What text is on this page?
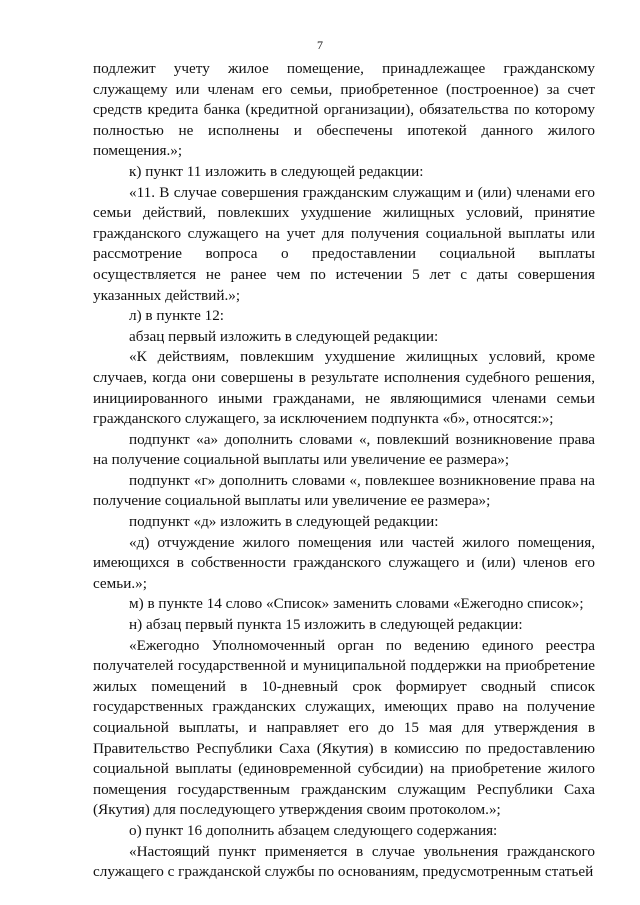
7

подлежит учету жилое помещение, принадлежащее гражданскому служащему или членам его семьи, приобретенное (построенное) за счет средств кредита банка (кредитной организации), обязательства по которому полностью не исполнены и обеспечены ипотекой данного жилого помещения.»;

к) пункт 11 изложить в следующей редакции:

«11. В случае совершения гражданским служащим и (или) членами его семьи действий, повлекших ухудшение жилищных условий, принятие гражданского служащего на учет для получения социальной выплаты или рассмотрение вопроса о предоставлении социальной выплаты осуществляется не ранее чем по истечении 5 лет с даты совершения указанных действий.»;

л) в пункте 12:

абзац первый изложить в следующей редакции:

«К действиям, повлекшим ухудшение жилищных условий, кроме случаев, когда они совершены в результате исполнения судебного решения, инициированного иными гражданами, не являющимися членами семьи гражданского служащего, за исключением подпункта «б», относятся:»;

подпункт «а» дополнить словами «, повлекший возникновение права на получение социальной выплаты или увеличение ее размера»;

подпункт «г» дополнить словами «, повлекшее возникновение права на получение социальной выплаты или увеличение ее размера»;

подпункт «д» изложить в следующей редакции:

«д) отчуждение жилого помещения или частей жилого помещения, имеющихся в собственности гражданского служащего и (или) членов его семьи.»;

м) в пункте 14 слово «Список» заменить словами «Ежегодно список»;

н) абзац первый пункта 15 изложить в следующей редакции:

«Ежегодно Уполномоченный орган по ведению единого реестра получателей государственной и муниципальной поддержки на приобретение жилых помещений в 10-дневный срок формирует сводный список государственных гражданских служащих, имеющих право на получение социальной выплаты, и направляет его до 15 мая для утверждения в Правительство Республики Саха (Якутия) в комиссию по предоставлению социальной выплаты (единовременной субсидии) на приобретение жилого помещения государственным гражданским служащим Республики Саха (Якутия) для последующего утверждения своим протоколом.»;

о) пункт 16 дополнить абзацем следующего содержания:

«Настоящий пункт применяется в случае увольнения гражданского служащего с гражданской службы по основаниям, предусмотренным статьей
